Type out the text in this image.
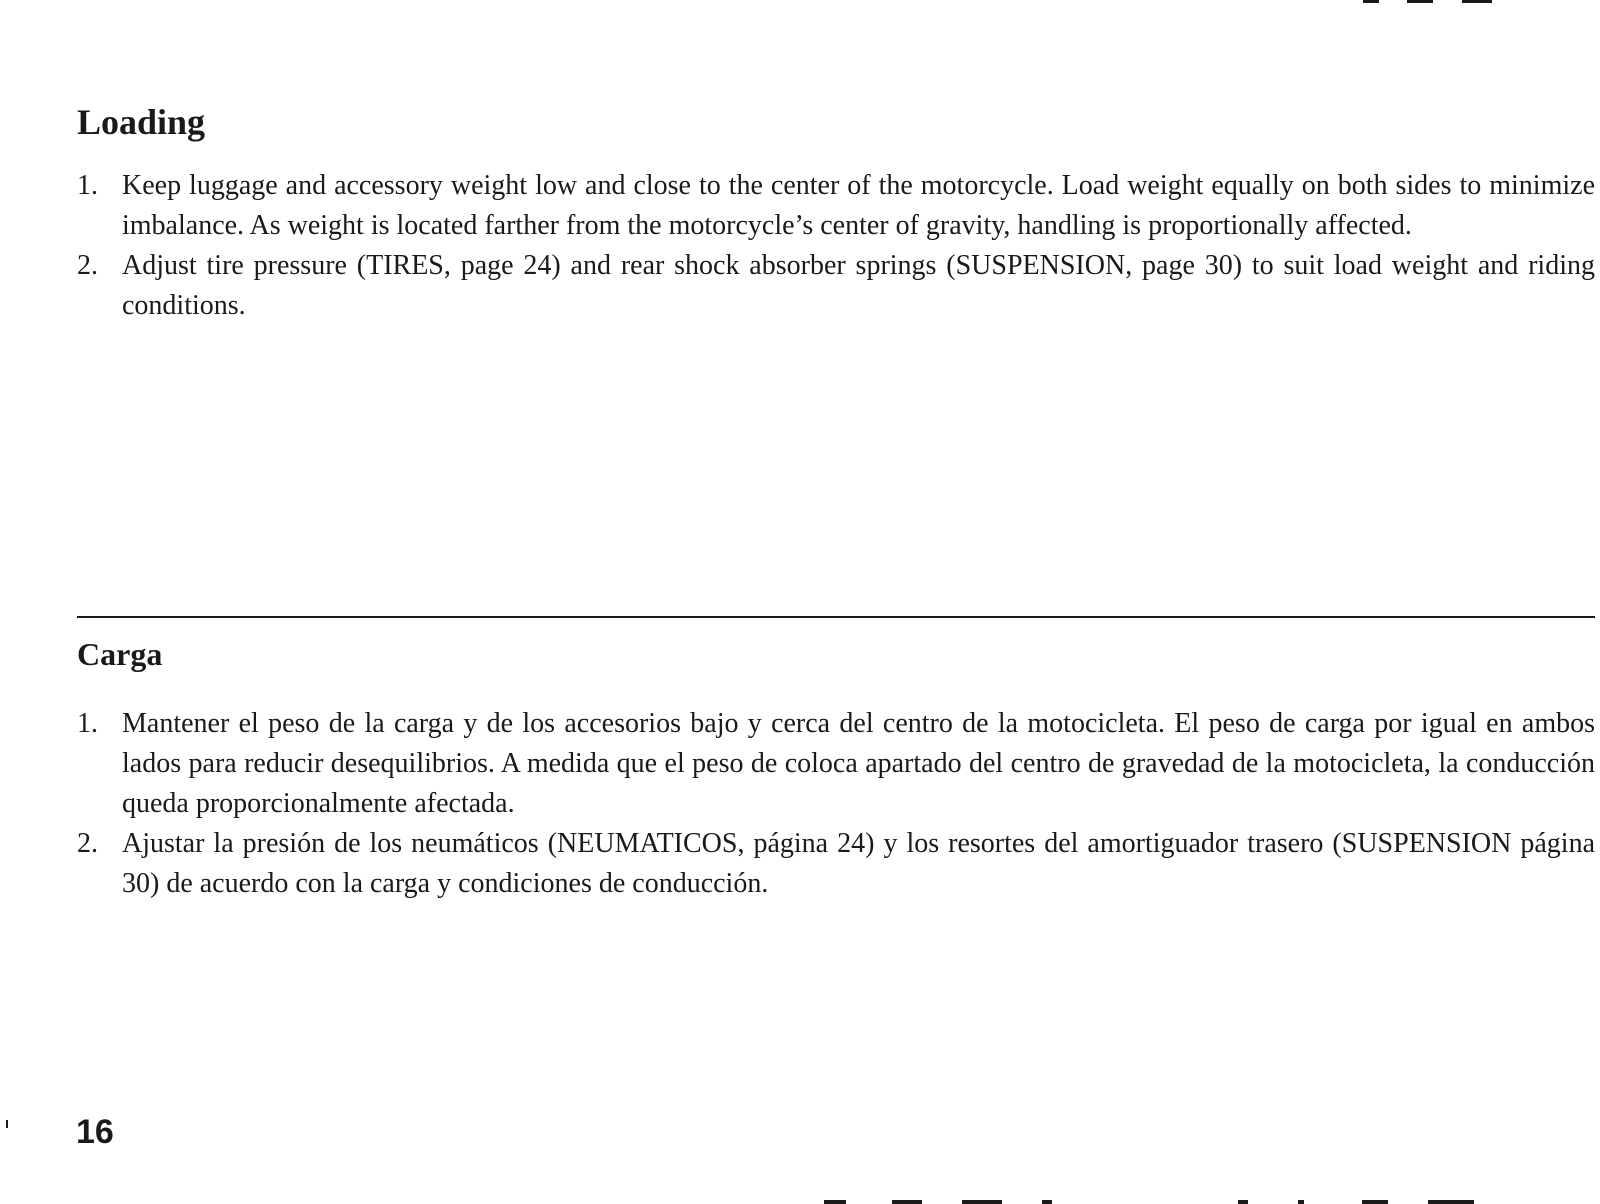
Loading
1. Keep luggage and accessory weight low and close to the center of the motorcycle. Load weight equally on both sides to minimize imbalance. As weight is located farther from the motorcycle’s center of gravity, handling is proportionally affected.
2. Adjust tire pressure (TIRES, page 24) and rear shock absorber springs (SUSPENSION, page 30) to suit load weight and riding conditions.
Carga
1. Mantener el peso de la carga y de los accesorios bajo y cerca del centro de la motocicleta. El peso de carga por igual en ambos lados para reducir desequilibrios. A medida que el peso de coloca apartado del centro de gravedad de la motocicleta, la conducción queda proporcionalmente afectada.
2. Ajustar la presión de los neumáticos (NEUMATICOS, página 24) y los resortes del amortiguador trasero (SUSPENSION página 30) de acuerdo con la carga y condiciones de conducción.
16
